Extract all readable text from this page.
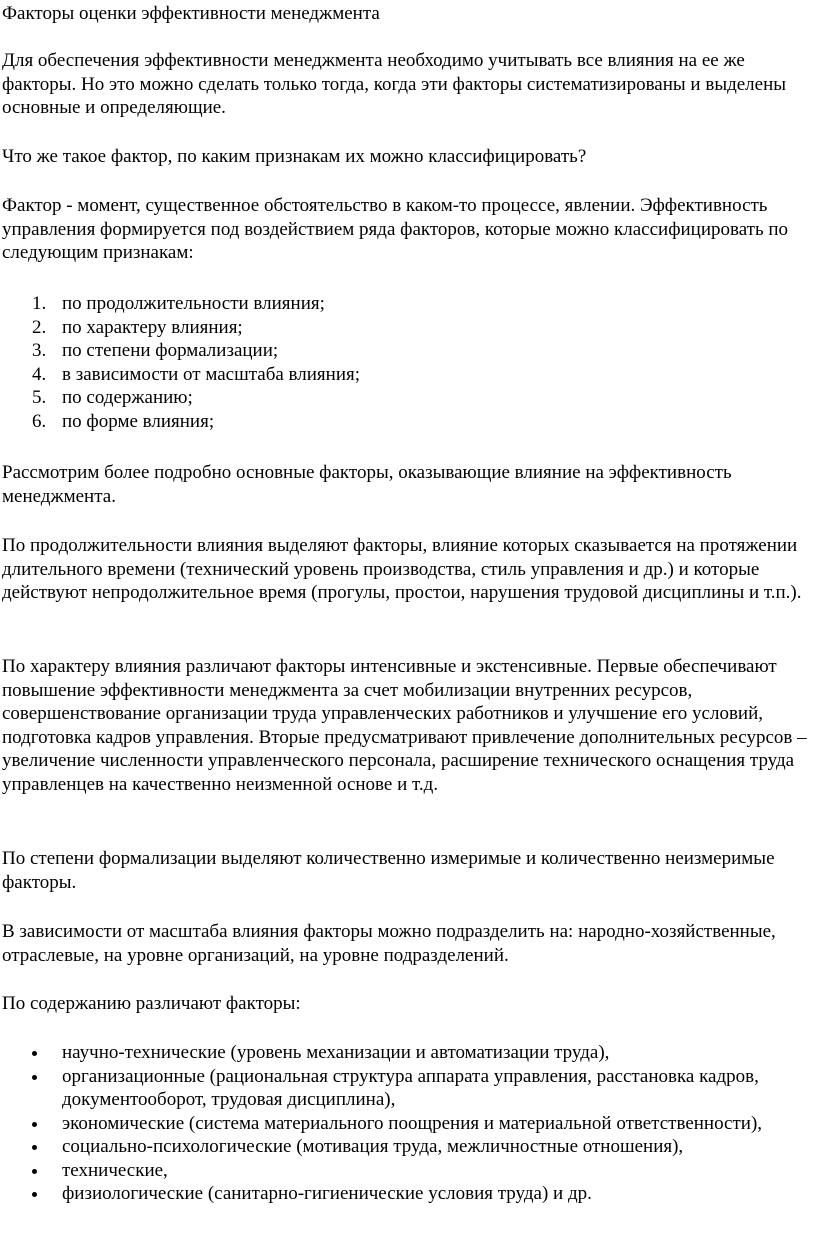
Факторы оценки эффективности менеджмента

Для обеспечения эффективности менеджмента необходимо учитывать все влияния на ее же факторы. Но это можно сделать только тогда, когда эти факторы систематизированы и выделены основные и определяющие.

Что же такое фактор, по каким признакам их можно классифицировать?

Фактор - момент, существенное обстоятельство в каком-то процессе, явлении. Эффективность управления формируется под воздействием ряда факторов, которые можно классифицировать по следующим признакам:

1. по продолжительности влияния;
2. по характеру влияния;
3. по степени формализации;
4. в зависимости от масштаба влияния;
5. по содержанию;
6. по форме влияния;

Рассмотрим более подробно основные факторы, оказывающие влияние на эффективность менеджмента.

По продолжительности влияния выделяют факторы, влияние которых сказывается на протяжении длительного времени (технический уровень производства, стиль управления и др.) и которые действуют непродолжительное время (прогулы, простои, нарушения трудовой дисциплины и т.п.).

По характеру влияния различают факторы интенсивные и экстенсивные. Первые обеспечивают повышение эффективности менеджмента за счет мобилизации внутренних ресурсов, совершенствование организации труда управленческих работников и улучшение его условий, подготовка кадров управления. Вторые предусматривают привлечение дополнительных ресурсов – увеличение численности управленческого персонала, расширение технического оснащения труда управленцев на качественно неизменной основе и т.д.

По степени формализации выделяют количественно измеримые и количественно неизмеримые факторы.

В зависимости от масштаба влияния факторы можно подразделить на: народно-хозяйственные, отраслевые, на уровне организаций, на уровне подразделений.

По содержанию различают факторы:

научно-технические (уровень механизации и автоматизации труда),
организационные (рациональная структура аппарата управления, расстановка кадров, документооборот, трудовая дисциплина),
экономические (система материального поощрения и материальной ответственности),
социально-психологические (мотивация труда, межличностные отношения),
технические,
физиологические (санитарно-гигиенические условия труда) и др.
